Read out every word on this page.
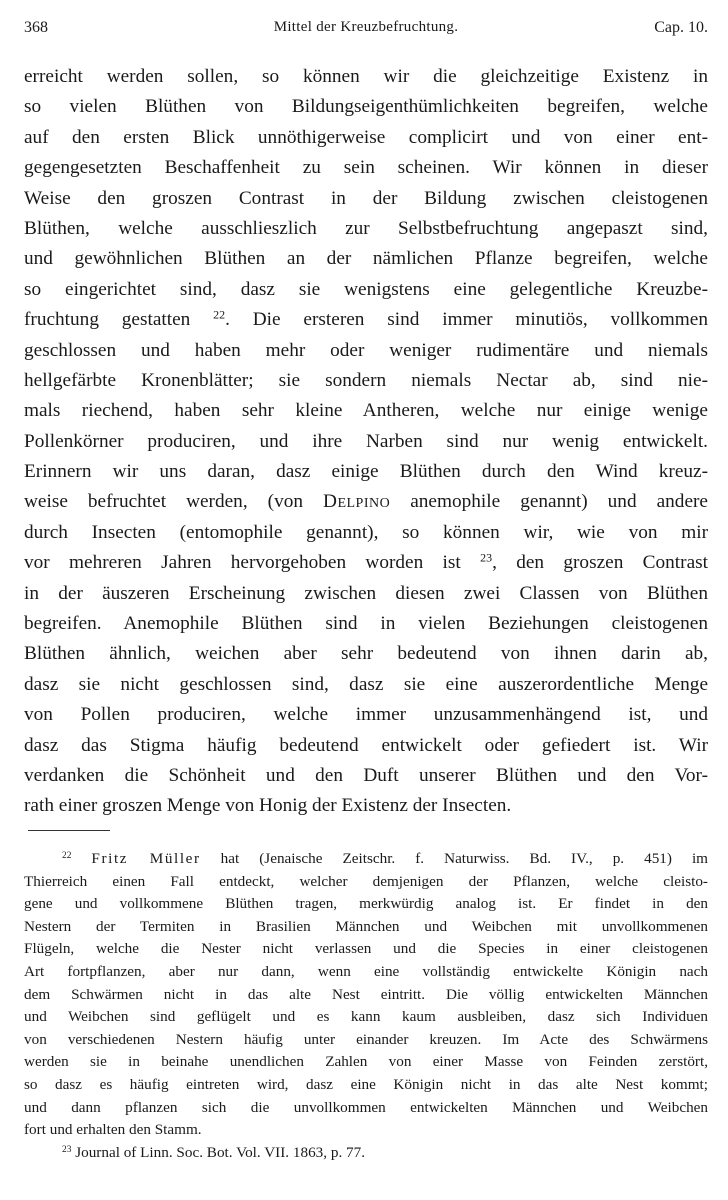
368	Mittel der Kreuzbefruchtung.	Cap. 10.
erreicht werden sollen, so können wir die gleichzeitige Existenz in
so vielen Blüthen von Bildungseigenthümlichkeiten begreifen, welche
auf den ersten Blick unnöthigerweise complicirt und von einer ent-
gegengesetzten Beschaffenheit zu sein scheinen. Wir können in dieser
Weise den groszen Contrast in der Bildung zwischen cleistogenen
Blüthen, welche ausschlieszlich zur Selbstbefruchtung angepaszt sind,
und gewöhnlichen Blüthen an der nämlichen Pflanze begreifen, welche
so eingerichtet sind, dasz sie wenigstens eine gelegentliche Kreuzbe-
fruchtung gestatten $^{22}$. Die ersteren sind immer minutiös, vollkommen
geschlossen und haben mehr oder weniger rudimentäre und niemals
hellgefärbte Kronenblätter; sie sondern niemals Nectar ab, sind nie-
mals riechend, haben sehr kleine Antheren, welche nur einige wenige
Pollenkörner produciren, und ihre Narben sind nur wenig entwickelt.
Erinnern wir uns daran, dasz einige Blüthen durch den Wind kreuz-
weise befruchtet werden, (von Delpino anemophile genannt) und andere
durch Insecten (entomophile genannt), so können wir, wie von mir
vor mehreren Jahren hervorgehoben worden ist $^{23}$, den groszen Contrast
in der äuszeren Erscheinung zwischen diesen zwei Classen von Blüthen
begreifen. Anemophile Blüthen sind in vielen Beziehungen cleistogenen
Blüthen ähnlich, weichen aber sehr bedeutend von ihnen darin ab,
dasz sie nicht geschlossen sind, dasz sie eine auszerordentliche Menge
von Pollen produciren, welche immer unzusammenhängend ist, und
dasz das Stigma häufig bedeutend entwickelt oder gefiedert ist. Wir
verdanken die Schönheit und den Duft unserer Blüthen und den Vor-
rath einer groszen Menge von Honig der Existenz der Insecten.
$^{22}$ Fritz Müller hat (Jenaische Zeitschr. f. Naturwiss. Bd. IV., p. 451) im
Thierreich einen Fall entdeckt, welcher demjenigen der Pflanzen, welche cleisto-
gene und vollkommene Blüthen tragen, merkwürdig analog ist. Er findet in den
Nestern der Termiten in Brasilien Männchen und Weibchen mit unvollkommenen
Flügeln, welche die Nester nicht verlassen und die Species in einer cleistogenen
Art fortpflanzen, aber nur dann, wenn eine vollständig entwickelte Königin nach
dem Schwärmen nicht in das alte Nest eintritt. Die völlig entwickelten Männchen
und Weibchen sind geflügelt und es kann kaum ausbleiben, dasz sich Individuen
von verschiedenen Nestern häufig unter einander kreuzen. Im Acte des Schwärmens
werden sie in beinahe unendlichen Zahlen von einer Masse von Feinden zerstört,
so dasz es häufig eintreten wird, dasz eine Königin nicht in das alte Nest kommt;
und dann pflanzen sich die unvollkommen entwickelten Männchen und Weibchen
fort und erhalten den Stamm.
$^{23}$ Journal of Linn. Soc. Bot. Vol. VII. 1863, p. 77.
